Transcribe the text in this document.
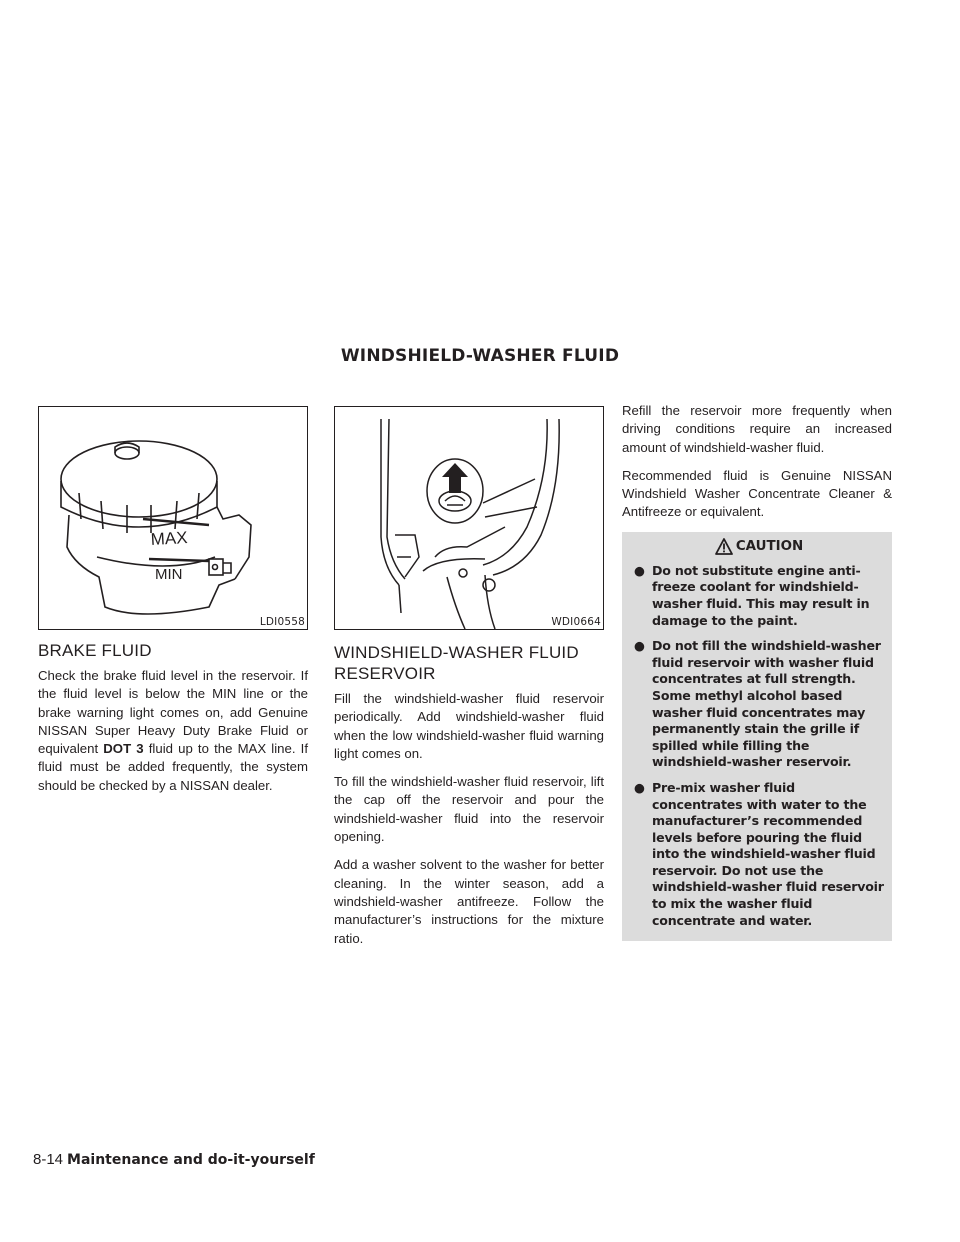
WINDSHIELD-WASHER FLUID
MAX
MIN
LDI0558
BRAKE FLUID

Check the brake fluid level in the reservoir. If the fluid level is below the MIN line or the brake warning light comes on, add Genuine NISSAN Super Heavy Duty Brake Fluid or equivalent DOT 3 fluid up to the MAX line. If fluid must be added frequently, the system should be checked by a NISSAN dealer.

WDI0664
WINDSHIELD-WASHER FLUID RESERVOIR

Fill the windshield-washer fluid reservoir periodically. Add windshield-washer fluid when the low windshield-washer fluid warning light comes on.

To fill the windshield-washer fluid reservoir, lift the cap off the reservoir and pour the windshield-washer fluid into the reservoir opening.

Add a washer solvent to the washer for better cleaning. In the winter season, add a windshield-washer antifreeze. Follow the manufacturer’s instructions for the mixture ratio.

Refill the reservoir more frequently when driving conditions require an increased amount of windshield-washer fluid.

Recommended fluid is Genuine NISSAN Windshield Washer Concentrate Cleaner & Antifreeze or equivalent.

CAUTION
● Do not substitute engine anti-freeze coolant for windshield-washer fluid. This may result in damage to the paint.
● Do not fill the windshield-washer fluid reservoir with washer fluid concentrates at full strength. Some methyl alcohol based washer fluid concentrates may permanently stain the grille if spilled while filling the windshield-washer reservoir.
● Pre-mix washer fluid concentrates with water to the manufacturer’s recommended levels before pouring the fluid into the windshield-washer fluid reservoir. Do not use the windshield-washer fluid reservoir to mix the washer fluid concentrate and water.
8-14 Maintenance and do-it-yourself
